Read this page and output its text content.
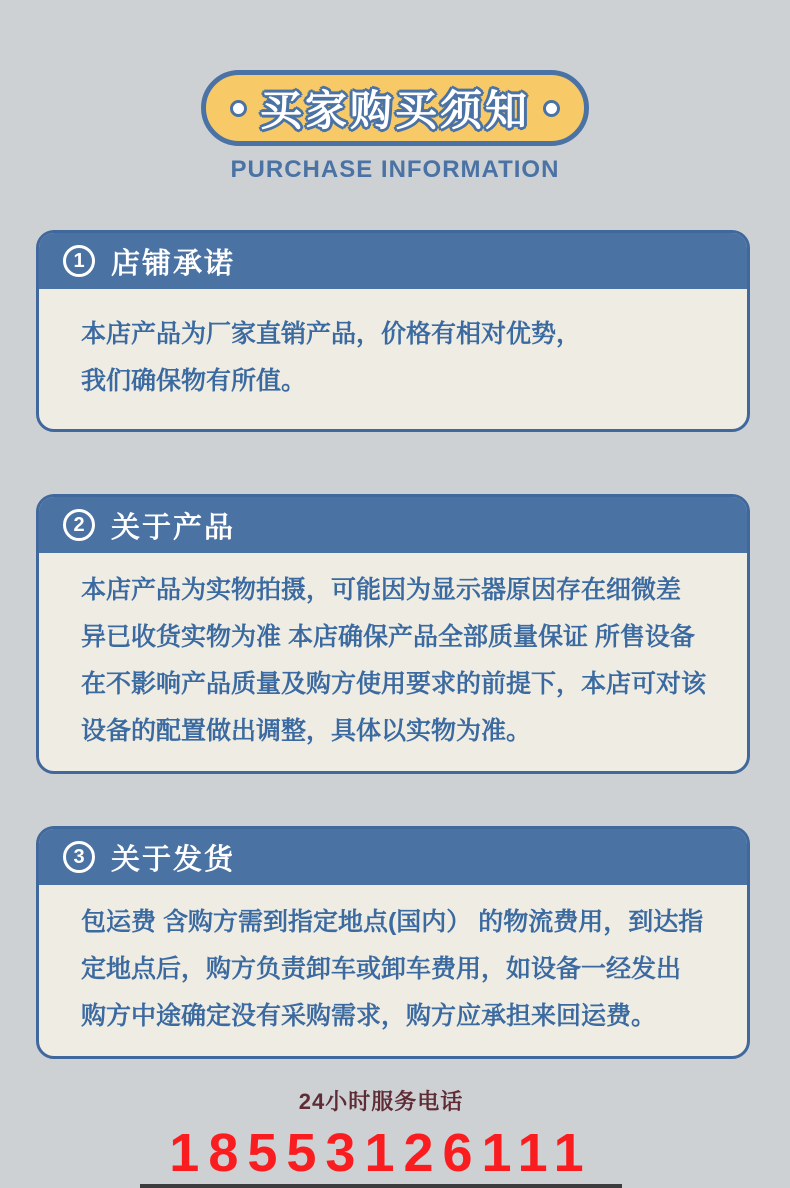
买家购买须知
PURCHASE INFORMATION
1 店铺承诺
本店产品为厂家直销产品，价格有相对优势，
我们确保物有所值。
2 关于产品
本店产品为实物拍摄，可能因为显示器原因存在细微差
异已收货实物为准 本店确保产品全部质量保证 所售设备
在不影响产品质量及购方使用要求的前提下，本店可对该
设备的配置做出调整，具体以实物为准。
3 关于发货
包运费 含购方需到指定地点(国内） 的物流费用，到达指
定地点后，购方负责卸车或卸车费用，如设备一经发出
购方中途确定没有采购需求，购方应承担来回运费。
24小时服务电话
18553126111
